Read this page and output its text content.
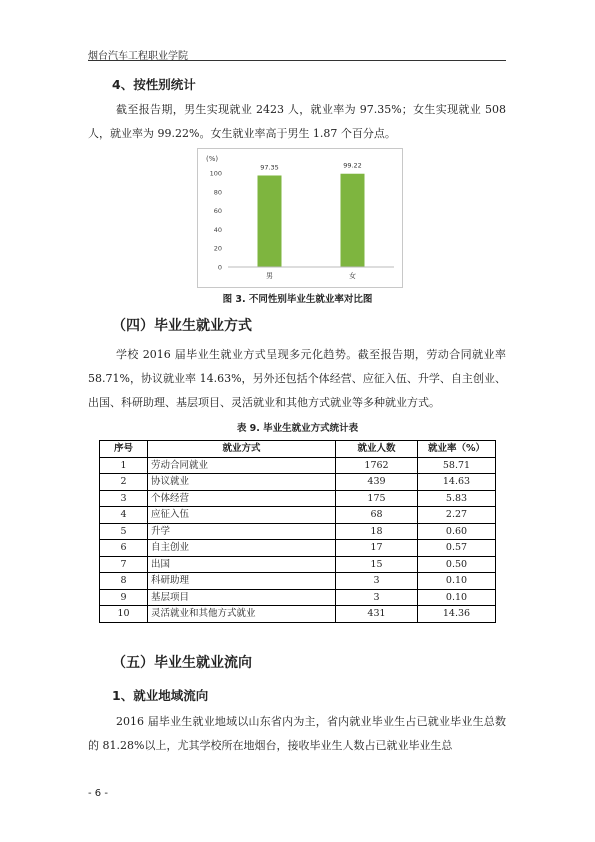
烟台汽车工程职业学院
4、按性别统计
截至报告期，男生实现就业 2423 人，就业率为 97.35%；女生实现就业 508 人，就业率为 99.22%。女生就业率高于男生 1.87 个百分点。
(%)
0
20
40
60
80
100
97.35
男
99.22
女
图 3. 不同性别毕业生就业率对比图
（四）毕业生就业方式
学校 2016 届毕业生就业方式呈现多元化趋势。截至报告期，劳动合同就业率 58.71%，协议就业率 14.63%，另外还包括个体经营、应征入伍、升学、自主创业、出国、科研助理、基层项目、灵活就业和其他方式就业等多种就业方式。
表 9. 毕业生就业方式统计表
序号	就业方式	就业人数	就业率（%）
1	劳动合同就业	1762	58.71
2	协议就业	439	14.63
3	个体经营	175	5.83
4	应征入伍	68	2.27
5	升学	18	0.60
6	自主创业	17	0.57
7	出国	15	0.50
8	科研助理	3	0.10
9	基层项目	3	0.10
10	灵活就业和其他方式就业	431	14.36
（五）毕业生就业流向
1、就业地域流向
2016 届毕业生就业地域以山东省内为主，省内就业毕业生占已就业毕业生总数的 81.28%以上，尤其学校所在地烟台，接收毕业生人数占已就业毕业生总
- 6 -
